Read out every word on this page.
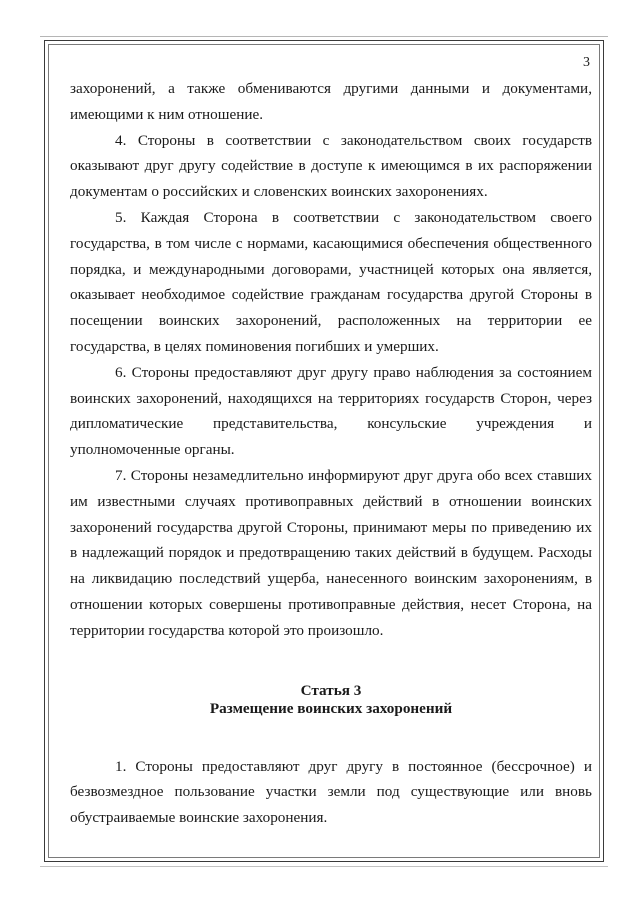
3

захоронений, а также обмениваются другими данными и документами, имеющими к ним отношение.

4. Стороны в соответствии с законодательством своих государств оказывают друг другу содействие в доступе к имеющимся в их распоряжении документам о российских и словенских воинских захоронениях.

5. Каждая Сторона в соответствии с законодательством своего государства, в том числе с нормами, касающимися обеспечения общественного порядка, и международными договорами, участницей которых она является, оказывает необходимое содействие гражданам государства другой Стороны в посещении воинских захоронений, расположенных на территории ее государства, в целях поминовения погибших и умерших.

6. Стороны предоставляют друг другу право наблюдения за состоянием воинских захоронений, находящихся на территориях государств Сторон, через дипломатические представительства, консульские учреждения и уполномоченные органы.

7. Стороны незамедлительно информируют друг друга обо всех ставших им известными случаях противоправных действий в отношении воинских захоронений государства другой Стороны, принимают меры по приведению их в надлежащий порядок и предотвращению таких действий в будущем. Расходы на ликвидацию последствий ущерба, нанесенного воинским захоронениям, в отношении которых совершены противоправные действия, несет Сторона, на территории государства которой это произошло.

Статья 3
Размещение воинских захоронений

1. Стороны предоставляют друг другу в постоянное (бессрочное) и безвозмездное пользование участки земли под существующие или вновь обустраиваемые воинские захоронения.
